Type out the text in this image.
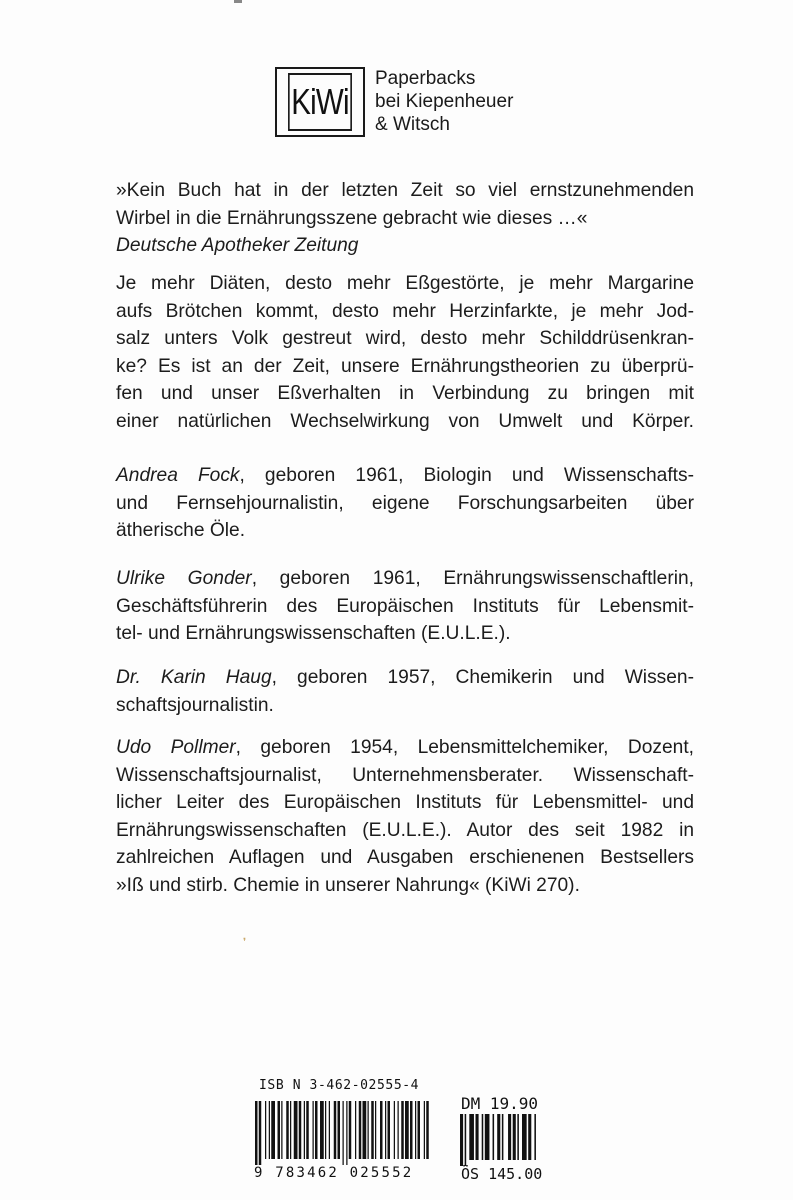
KiWi
Paperbacks
bei Kiepenheuer
& Witsch

»Kein Buch hat in der letzten Zeit so viel ernstzunehmenden
Wirbel in die Ernährungsszene gebracht wie dieses …«
Deutsche Apotheker Zeitung

Je mehr Diäten, desto mehr Eßgestörte, je mehr Margarine
aufs Brötchen kommt, desto mehr Herzinfarkte, je mehr Jod-
salz unters Volk gestreut wird, desto mehr Schilddrüsenkran-
ke? Es ist an der Zeit, unsere Ernährungstheorien zu überprü-
fen und unser Eßverhalten in Verbindung zu bringen mit
einer natürlichen Wechselwirkung von Umwelt und Körper.

Andrea Fock, geboren 1961, Biologin und Wissenschafts-
und Fernsehjournalistin, eigene Forschungsarbeiten über
ätherische Öle.

Ulrike Gonder, geboren 1961, Ernährungswissenschaftlerin,
Geschäftsführerin des Europäischen Instituts für Lebensmit-
tel- und Ernährungswissenschaften (E.U.L.E.).

Dr. Karin Haug, geboren 1957, Chemikerin und Wissen-
schaftsjournalistin.

Udo Pollmer, geboren 1954, Lebensmittelchemiker, Dozent,
Wissenschaftsjournalist, Unternehmensberater. Wissenschaft-
licher Leiter des Europäischen Instituts für Lebensmittel- und
Ernährungswissenschaften (E.U.L.E.). Autor des seit 1982 in
zahlreichen Auflagen und Ausgaben erschienenen Bestsellers
»Iß und stirb. Chemie in unserer Nahrung« (KiWi 270).

❜
ISB N 3-462-02555-4
9 783462 025552
DM 19.90
ÖS 145.00
